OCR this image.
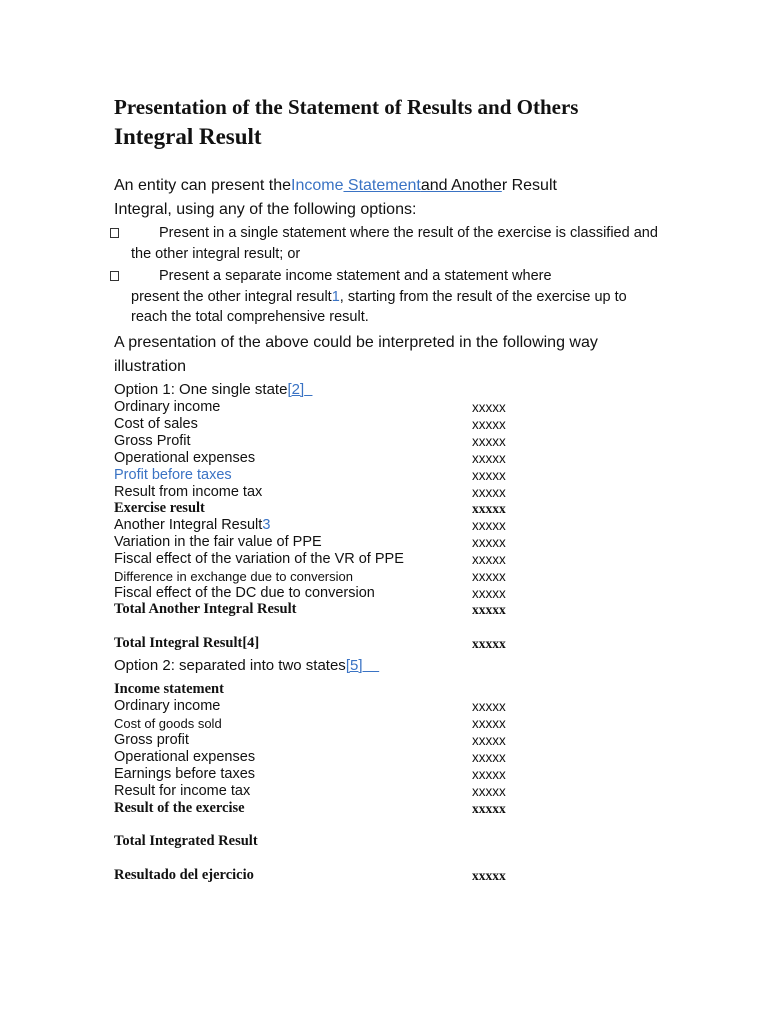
Presentation of the Statement of Results and Others
Integral Result
An entity can present theIncome Statementand Another Result
Integral, using any of the following options:
Present in a single statement where the result of the exercise is classified and
the other integral result; or
Present a separate income statement and a statement where
present the other integral result1, starting from the result of the exercise up to
reach the total comprehensive result.
A presentation of the above could be interpreted in the following way
illustration
Option 1: One single state[2]
Ordinary income	xxxxx
Cost of sales	xxxxx
Gross Profit	xxxxx
Operational expenses	xxxxx
Profit before taxes	xxxxx
Result from income tax	xxxxx
Exercise result	xxxxx
Another Integral Result3	xxxxx
Variation in the fair value of PPE	xxxxx
Fiscal effect of the variation of the VR of PPE	xxxxx
Difference in exchange due to conversion	xxxxx
Fiscal effect of the DC due to conversion	xxxxx
Total Another Integral Result	xxxxx
Total Integral Result[4]	xxxxx
Option 2: separated into two states[5]
Income statement
Ordinary income	xxxxx
Cost of goods sold	xxxxx
Gross profit	xxxxx
Operational expenses	xxxxx
Earnings before taxes	xxxxx
Result for income tax	xxxxx
Result of the exercise	xxxxx
Total Integrated Result
Resultado del ejercicio	xxxxx
